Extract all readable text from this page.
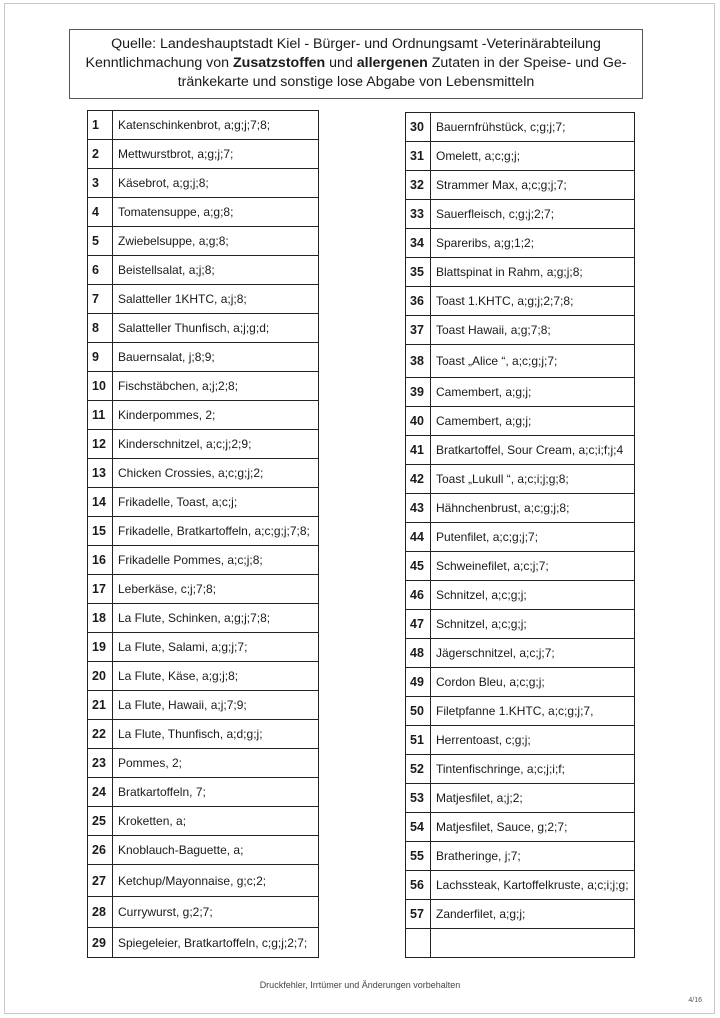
Quelle: Landeshauptstadt Kiel - Bürger- und Ordnungsamt -Veterinärabteilung
Kenntlichmachung von Zusatzstoffen und allergenen Zutaten in der Speise- und Ge-
tränkekarte und sonstige lose Abgabe von Lebensmitteln
1	Katenschinkenbrot, a;g;j;7;8;
2	Mettwurstbrot, a;g;j;7;
3	Käsebrot, a;g;j;8;
4	Tomatensuppe, a;g;8;
5	Zwiebelsuppe, a;g;8;
6	Beistellsalat, a;j;8;
7	Salatteller 1KHTC, a;j;8;
8	Salatteller Thunfisch, a;j;g;d;
9	Bauernsalat, j;8;9;
10	Fischstäbchen, a;j;2;8;
11	Kinderpommes, 2;
12	Kinderschnitzel, a;c;j;2;9;
13	Chicken Crossies, a;c;g;j;2;
14	Frikadelle, Toast, a;c;j;
15	Frikadelle, Bratkartoffeln, a;c;g;j;7;8;
16	Frikadelle Pommes, a;c;j;8;
17	Leberkäse, c;j;7;8;
18	La Flute, Schinken, a;g;j;7;8;
19	La Flute, Salami, a;g;j;7;
20	La Flute, Käse, a;g;j;8;
21	La Flute, Hawaii, a;j;7;9;
22	La Flute, Thunfisch, a;d;g;j;
23	Pommes, 2;
24	Bratkartoffeln, 7;
25	Kroketten, a;
26	Knoblauch-Baguette, a;
27	Ketchup/Mayonnaise, g;c;2;
28	Currywurst, g;2;7;
29	Spiegeleier, Bratkartoffeln, c;g;j;2;7;
30	Bauernfrühstück, c;g;j;7;
31	Omelett, a;c;g;j;
32	Strammer Max, a;c;g;j;7;
33	Sauerfleisch, c;g;j;2;7;
34	Spareribs, a;g;1;2;
35	Blattspinat in Rahm, a;g;j;8;
36	Toast 1.KHTC, a;g;j;2;7;8;
37	Toast Hawaii, a;g;7;8;
38	Toast „Alice “, a;c;g;j;7;
39	Camembert, a;g;j;
40	Camembert, a;g;j;
41	Bratkartoffel, Sour Cream, a;c;i;f;j;4
42	Toast „Lukull “, a;c;i;j;g;8;
43	Hähnchenbrust, a;c;g;j;8;
44	Putenfilet, a;c;g;j;7;
45	Schweinefilet, a;c;j;7;
46	Schnitzel, a;c;g;j;
47	Schnitzel, a;c;g;j;
48	Jägerschnitzel, a;c;j;7;
49	Cordon Bleu, a;c;g;j;
50	Filetpfanne 1.KHTC, a;c;g;j;7,
51	Herrentoast, c;g;j;
52	Tintenfischringe, a;c;j;i;f;
53	Matjesfilet, a;j;2;
54	Matjesfilet, Sauce, g;2;7;
55	Bratheringe, j;7;
56	Lachssteak, Kartoffelkruste, a;c;i;j;g;
57	Zanderfilet, a;g;j;

Druckfehler, Irrtümer und Änderungen vorbehalten
4/16
